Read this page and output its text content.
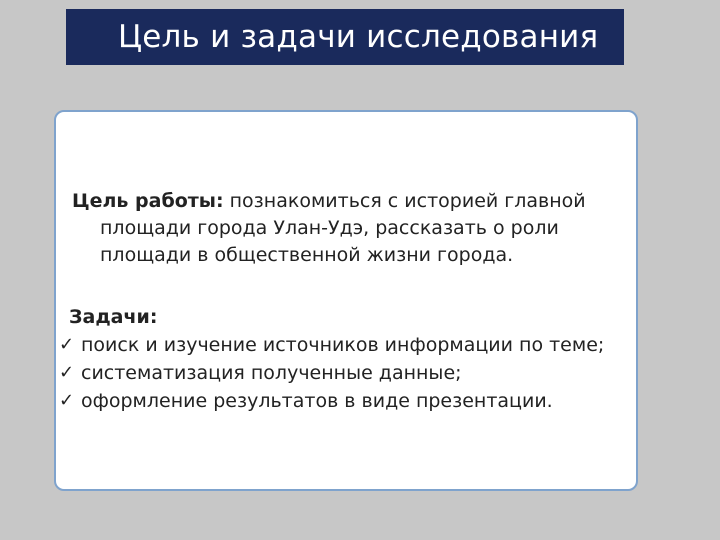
Цель и задачи исследования
Цель работы: познакомиться с историей главной
площади города Улан-Удэ, рассказать о роли
площади в общественной жизни города.
Задачи:
✓ поиск и изучение источников информации по теме;
✓ систематизация полученные данные;
✓ оформление результатов в виде презентации.
